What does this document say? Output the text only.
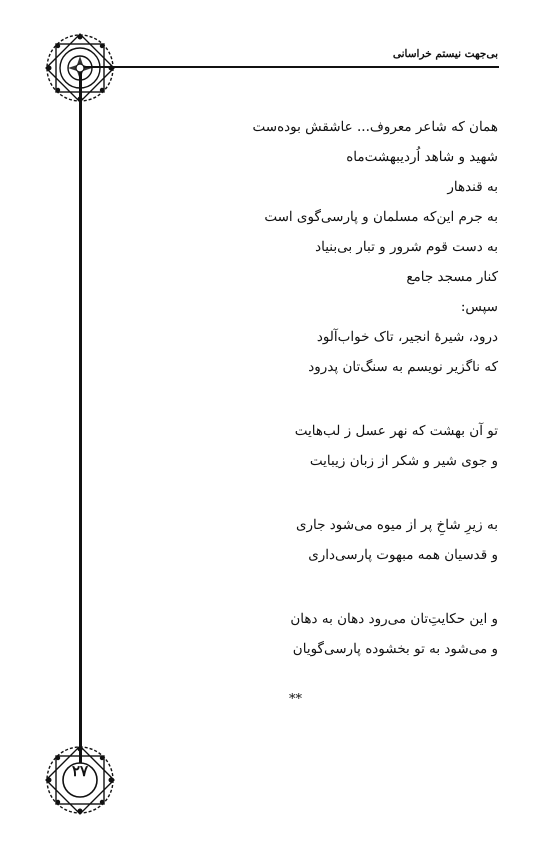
بی‌جهت نیستم خراسانی
۲۷
همان که شاعر معروف... عاشقش بوده‌ست
شهید و شاهد اُردیبهشت‌ماه
به قندهار
به جرم این‌که مسلمان و پارسی‌گوی است
به دست قوم شرور و تبار بی‌بنیاد
کنار مسجد جامع
سپس:
درود، شیرهٔ انجیر، تاک خواب‌آلود
که ناگزیر نویسم به سنگ‌تان پدرود
تو آن بهشت که نهر عسل ز لب‌هایت
و جوی شیر و شکر از زبان زیبایت
به زیرِ شاخِ پر از میوه می‌شود جاری
و قدسیان همه مبهوت پارسی‌داری
و این حکایتِ‌تان می‌رود دهان به دهان
و می‌شود به تو بخشوده پارسی‌گویان
**
